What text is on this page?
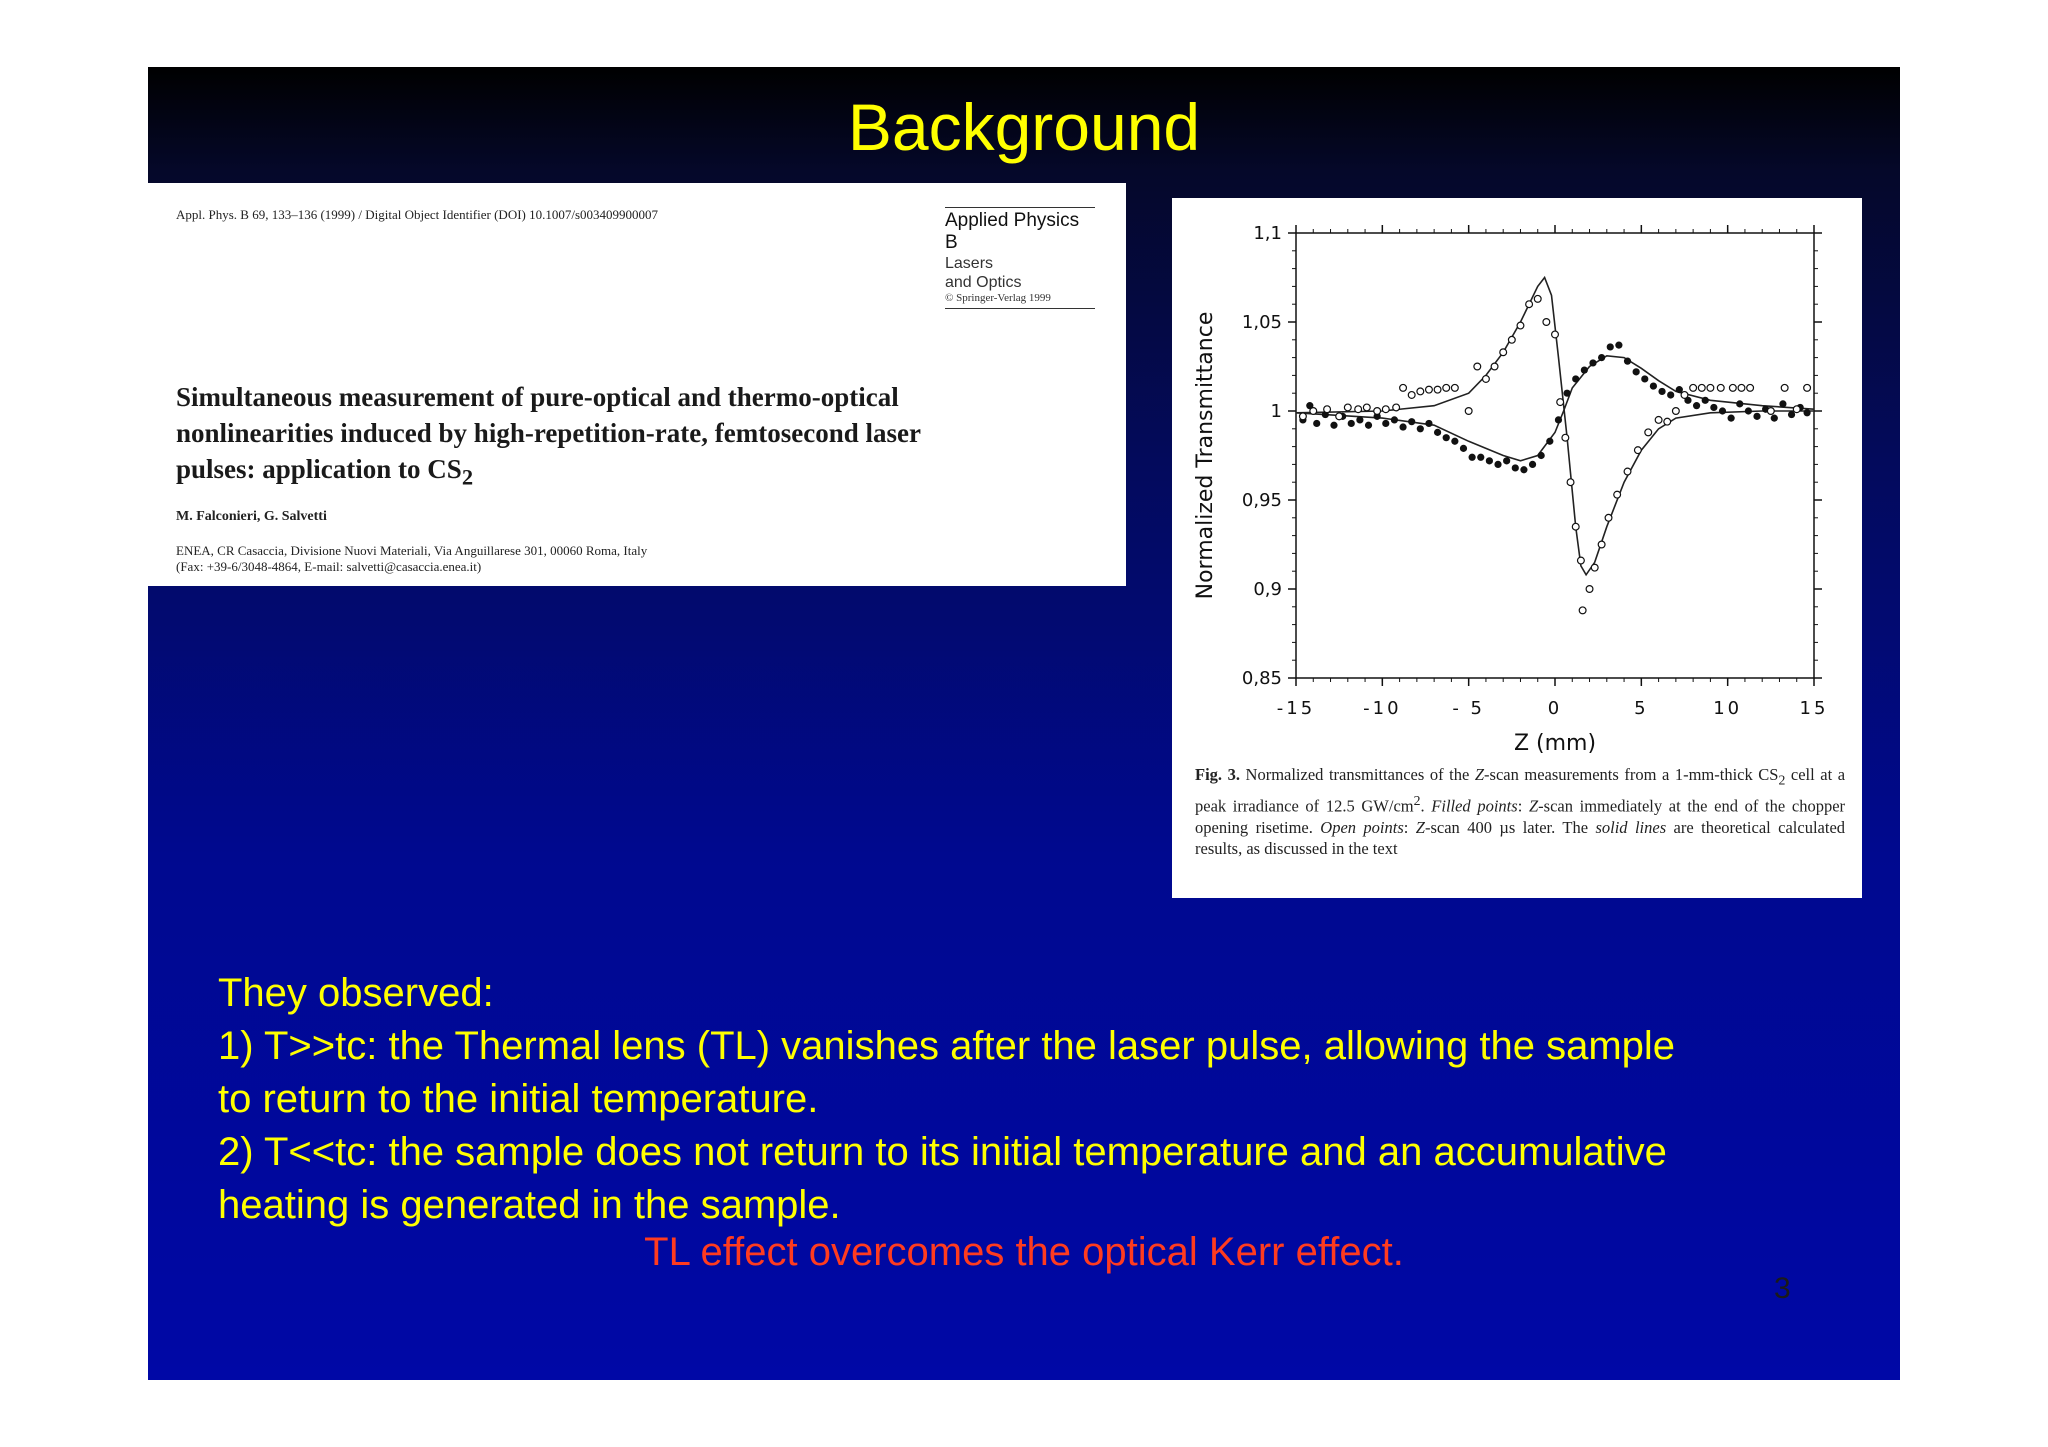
Background
Appl. Phys. B 69, 133–136 (1999) / Digital Object Identifier (DOI) 10.1007/s003409900007	Applied Physics B
Lasers
and Optics
© Springer-Verlag 1999
Simultaneous measurement of pure-optical and thermo-optical
nonlinearities induced by high-repetition-rate, femtosecond laser
pulses: application to $CS_2$
M. Falconieri, G. Salvetti
ENEA, CR Casaccia, Divisione Nuovi Materiali, Via Anguillarese 301, 00060 Roma, Italy
(Fax: +39-6/3048-4864, E-mail: salvetti@casaccia.enea.it)
0,85
0,9
0,95
1
1,05
1,1
-15	-10	- 5	0	5	10	15
Z (mm)
Normalized Transmittance
Fig. 3. Normalized transmittances of the Z-scan measurements from a 1-mm-thick $CS_2$ cell at a peak irradiance of 12.5 $GW/cm^2$. Filled points: Z-scan immediately at the end of the chopper opening risetime. Open points: Z-scan 400 µs later. The solid lines are theoretical calculated results, as discussed in the text
They observed:
1) T>>tc: the Thermal lens (TL) vanishes after the laser pulse, allowing the sample
to return to the initial temperature.
2) T<<tc: the sample does not return to its initial temperature and an accumulative
heating is generated in the sample.
TL effect overcomes the optical Kerr effect.
3
